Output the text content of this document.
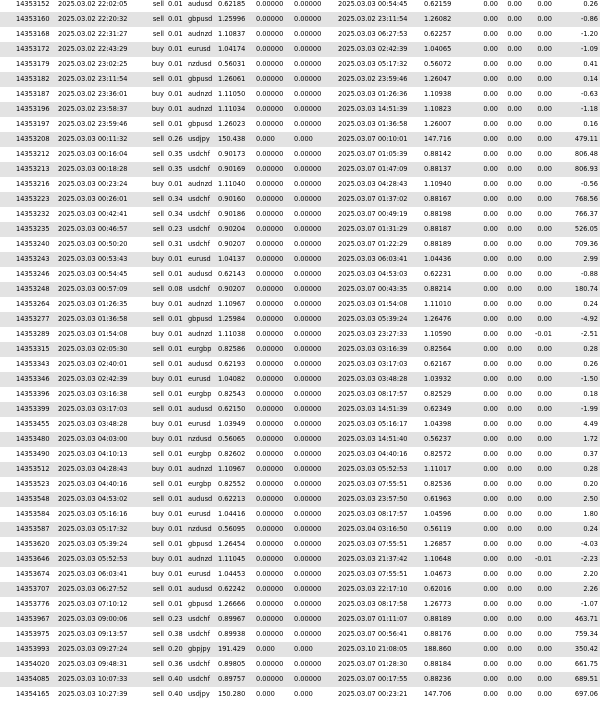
14353152	2025.03.02 22:02:05	sell	0.01	audusd	0.62185	0.00000	0.00000	2025.03.03 00:54:45	0.62159	0.00	0.00	0.00	0.26
14353160	2025.03.02 22:20:32	sell	0.01	gbpusd	1.25996	0.00000	0.00000	2025.03.02 23:11:54	1.26082	0.00	0.00	0.00	-0.86
14353168	2025.03.02 22:31:27	sell	0.01	audnzd	1.10837	0.00000	0.00000	2025.03.03 06:27:53	0.62257	0.00	0.00	0.00	-1.20
14353172	2025.03.02 22:43:29	buy	0.01	eurusd	1.04174	0.00000	0.00000	2025.03.03 02:42:39	1.04065	0.00	0.00	0.00	-1.09
14353179	2025.03.02 23:02:25	buy	0.01	nzdusd	0.56031	0.00000	0.00000	2025.03.03 05:17:32	0.56072	0.00	0.00	0.00	0.41
14353182	2025.03.02 23:11:54	sell	0.01	gbpusd	1.26061	0.00000	0.00000	2025.03.02 23:59:46	1.26047	0.00	0.00	0.00	0.14
14353187	2025.03.02 23:36:01	buy	0.01	audnzd	1.11050	0.00000	0.00000	2025.03.03 01:26:36	1.10938	0.00	0.00	0.00	-0.63
14353196	2025.03.02 23:58:37	buy	0.01	audnzd	1.11034	0.00000	0.00000	2025.03.03 14:51:39	1.10823	0.00	0.00	0.00	-1.18
14353197	2025.03.02 23:59:46	sell	0.01	gbpusd	1.26023	0.00000	0.00000	2025.03.03 01:36:58	1.26007	0.00	0.00	0.00	0.16
14353208	2025.03.03 00:11:32	sell	0.26	usdjpy	150.438	0.000	0.000	2025.03.07 00:10:01	147.716	0.00	0.00	0.00	479.11
14353212	2025.03.03 00:16:04	sell	0.35	usdchf	0.90173	0.00000	0.00000	2025.03.07 01:05:39	0.88142	0.00	0.00	0.00	806.48
14353213	2025.03.03 00:18:28	sell	0.35	usdchf	0.90169	0.00000	0.00000	2025.03.07 01:47:09	0.88137	0.00	0.00	0.00	806.93
14353216	2025.03.03 00:23:24	buy	0.01	audnzd	1.11040	0.00000	0.00000	2025.03.03 04:28:43	1.10940	0.00	0.00	0.00	-0.56
14353223	2025.03.03 00:26:01	sell	0.34	usdchf	0.90160	0.00000	0.00000	2025.03.07 01:37:02	0.88167	0.00	0.00	0.00	768.56
14353232	2025.03.03 00:42:41	sell	0.34	usdchf	0.90186	0.00000	0.00000	2025.03.07 00:49:19	0.88198	0.00	0.00	0.00	766.37
14353235	2025.03.03 00:46:57	sell	0.23	usdchf	0.90204	0.00000	0.00000	2025.03.07 01:31:29	0.88187	0.00	0.00	0.00	526.05
14353240	2025.03.03 00:50:20	sell	0.31	usdchf	0.90207	0.00000	0.00000	2025.03.07 01:22:29	0.88189	0.00	0.00	0.00	709.36
14353243	2025.03.03 00:53:43	buy	0.01	eurusd	1.04137	0.00000	0.00000	2025.03.03 06:03:41	1.04436	0.00	0.00	0.00	2.99
14353246	2025.03.03 00:54:45	sell	0.01	audusd	0.62143	0.00000	0.00000	2025.03.03 04:53:03	0.62231	0.00	0.00	0.00	-0.88
14353248	2025.03.03 00:57:09	sell	0.08	usdchf	0.90207	0.00000	0.00000	2025.03.07 00:43:35	0.88214	0.00	0.00	0.00	180.74
14353264	2025.03.03 01:26:35	buy	0.01	audnzd	1.10967	0.00000	0.00000	2025.03.03 01:54:08	1.11010	0.00	0.00	0.00	0.24
14353277	2025.03.03 01:36:58	sell	0.01	gbpusd	1.25984	0.00000	0.00000	2025.03.03 05:39:24	1.26476	0.00	0.00	0.00	-4.92
14353289	2025.03.03 01:54:08	buy	0.01	audnzd	1.11038	0.00000	0.00000	2025.03.03 23:27:33	1.10590	0.00	0.00	-0.01	-2.51
14353315	2025.03.03 02:05:30	sell	0.01	eurgbp	0.82586	0.00000	0.00000	2025.03.03 03:16:39	0.82564	0.00	0.00	0.00	0.28
14353343	2025.03.03 02:40:01	sell	0.01	audusd	0.62193	0.00000	0.00000	2025.03.03 03:17:03	0.62167	0.00	0.00	0.00	0.26
14353346	2025.03.03 02:42:39	buy	0.01	eurusd	1.04082	0.00000	0.00000	2025.03.03 03:48:28	1.03932	0.00	0.00	0.00	-1.50
14353396	2025.03.03 03:16:38	sell	0.01	eurgbp	0.82543	0.00000	0.00000	2025.03.03 08:17:57	0.82529	0.00	0.00	0.00	0.18
14353399	2025.03.03 03:17:03	sell	0.01	audusd	0.62150	0.00000	0.00000	2025.03.03 14:51:39	0.62349	0.00	0.00	0.00	-1.99
14353455	2025.03.03 03:48:28	buy	0.01	eurusd	1.03949	0.00000	0.00000	2025.03.03 05:16:17	1.04398	0.00	0.00	0.00	4.49
14353480	2025.03.03 04:03:00	buy	0.01	nzdusd	0.56065	0.00000	0.00000	2025.03.03 14:51:40	0.56237	0.00	0.00	0.00	1.72
14353490	2025.03.03 04:10:13	sell	0.01	eurgbp	0.82602	0.00000	0.00000	2025.03.03 04:40:16	0.82572	0.00	0.00	0.00	0.37
14353512	2025.03.03 04:28:43	buy	0.01	audnzd	1.10967	0.00000	0.00000	2025.03.03 05:52:53	1.11017	0.00	0.00	0.00	0.28
14353523	2025.03.03 04:40:16	sell	0.01	eurgbp	0.82552	0.00000	0.00000	2025.03.03 07:55:51	0.82536	0.00	0.00	0.00	0.20
14353548	2025.03.03 04:53:02	sell	0.01	audusd	0.62213	0.00000	0.00000	2025.03.03 23:57:50	0.61963	0.00	0.00	0.00	2.50
14353584	2025.03.03 05:16:16	buy	0.01	eurusd	1.04416	0.00000	0.00000	2025.03.03 08:17:57	1.04596	0.00	0.00	0.00	1.80
14353587	2025.03.03 05:17:32	buy	0.01	nzdusd	0.56095	0.00000	0.00000	2025.03.04 03:16:50	0.56119	0.00	0.00	0.00	0.24
14353620	2025.03.03 05:39:24	sell	0.01	gbpusd	1.26454	0.00000	0.00000	2025.03.03 07:55:51	1.26857	0.00	0.00	0.00	-4.03
14353646	2025.03.03 05:52:53	buy	0.01	audnzd	1.11045	0.00000	0.00000	2025.03.03 21:37:42	1.10648	0.00	0.00	-0.01	-2.23
14353674	2025.03.03 06:03:41	buy	0.01	eurusd	1.04453	0.00000	0.00000	2025.03.03 07:55:51	1.04673	0.00	0.00	0.00	2.20
14353707	2025.03.03 06:27:52	sell	0.01	audusd	0.62242	0.00000	0.00000	2025.03.03 22:17:10	0.62016	0.00	0.00	0.00	2.26
14353776	2025.03.03 07:10:12	sell	0.01	gbpusd	1.26666	0.00000	0.00000	2025.03.03 08:17:58	1.26773	0.00	0.00	0.00	-1.07
14353967	2025.03.03 09:00:06	sell	0.23	usdchf	0.89967	0.00000	0.00000	2025.03.07 01:11:07	0.88189	0.00	0.00	0.00	463.71
14353975	2025.03.03 09:13:57	sell	0.38	usdchf	0.89938	0.00000	0.00000	2025.03.07 00:56:41	0.88176	0.00	0.00	0.00	759.34
14353993	2025.03.03 09:27:24	sell	0.20	gbpjpy	191.429	0.000	0.000	2025.03.10 21:08:05	188.860	0.00	0.00	0.00	350.42
14354020	2025.03.03 09:48:31	sell	0.36	usdchf	0.89805	0.00000	0.00000	2025.03.07 01:28:30	0.88184	0.00	0.00	0.00	661.75
14354085	2025.03.03 10:07:33	sell	0.40	usdchf	0.89757	0.00000	0.00000	2025.03.07 00:17:55	0.88236	0.00	0.00	0.00	689.51
14354165	2025.03.03 10:27:39	sell	0.40	usdjpy	150.280	0.000	0.000	2025.03.07 00:23:21	147.706	0.00	0.00	0.00	697.06
